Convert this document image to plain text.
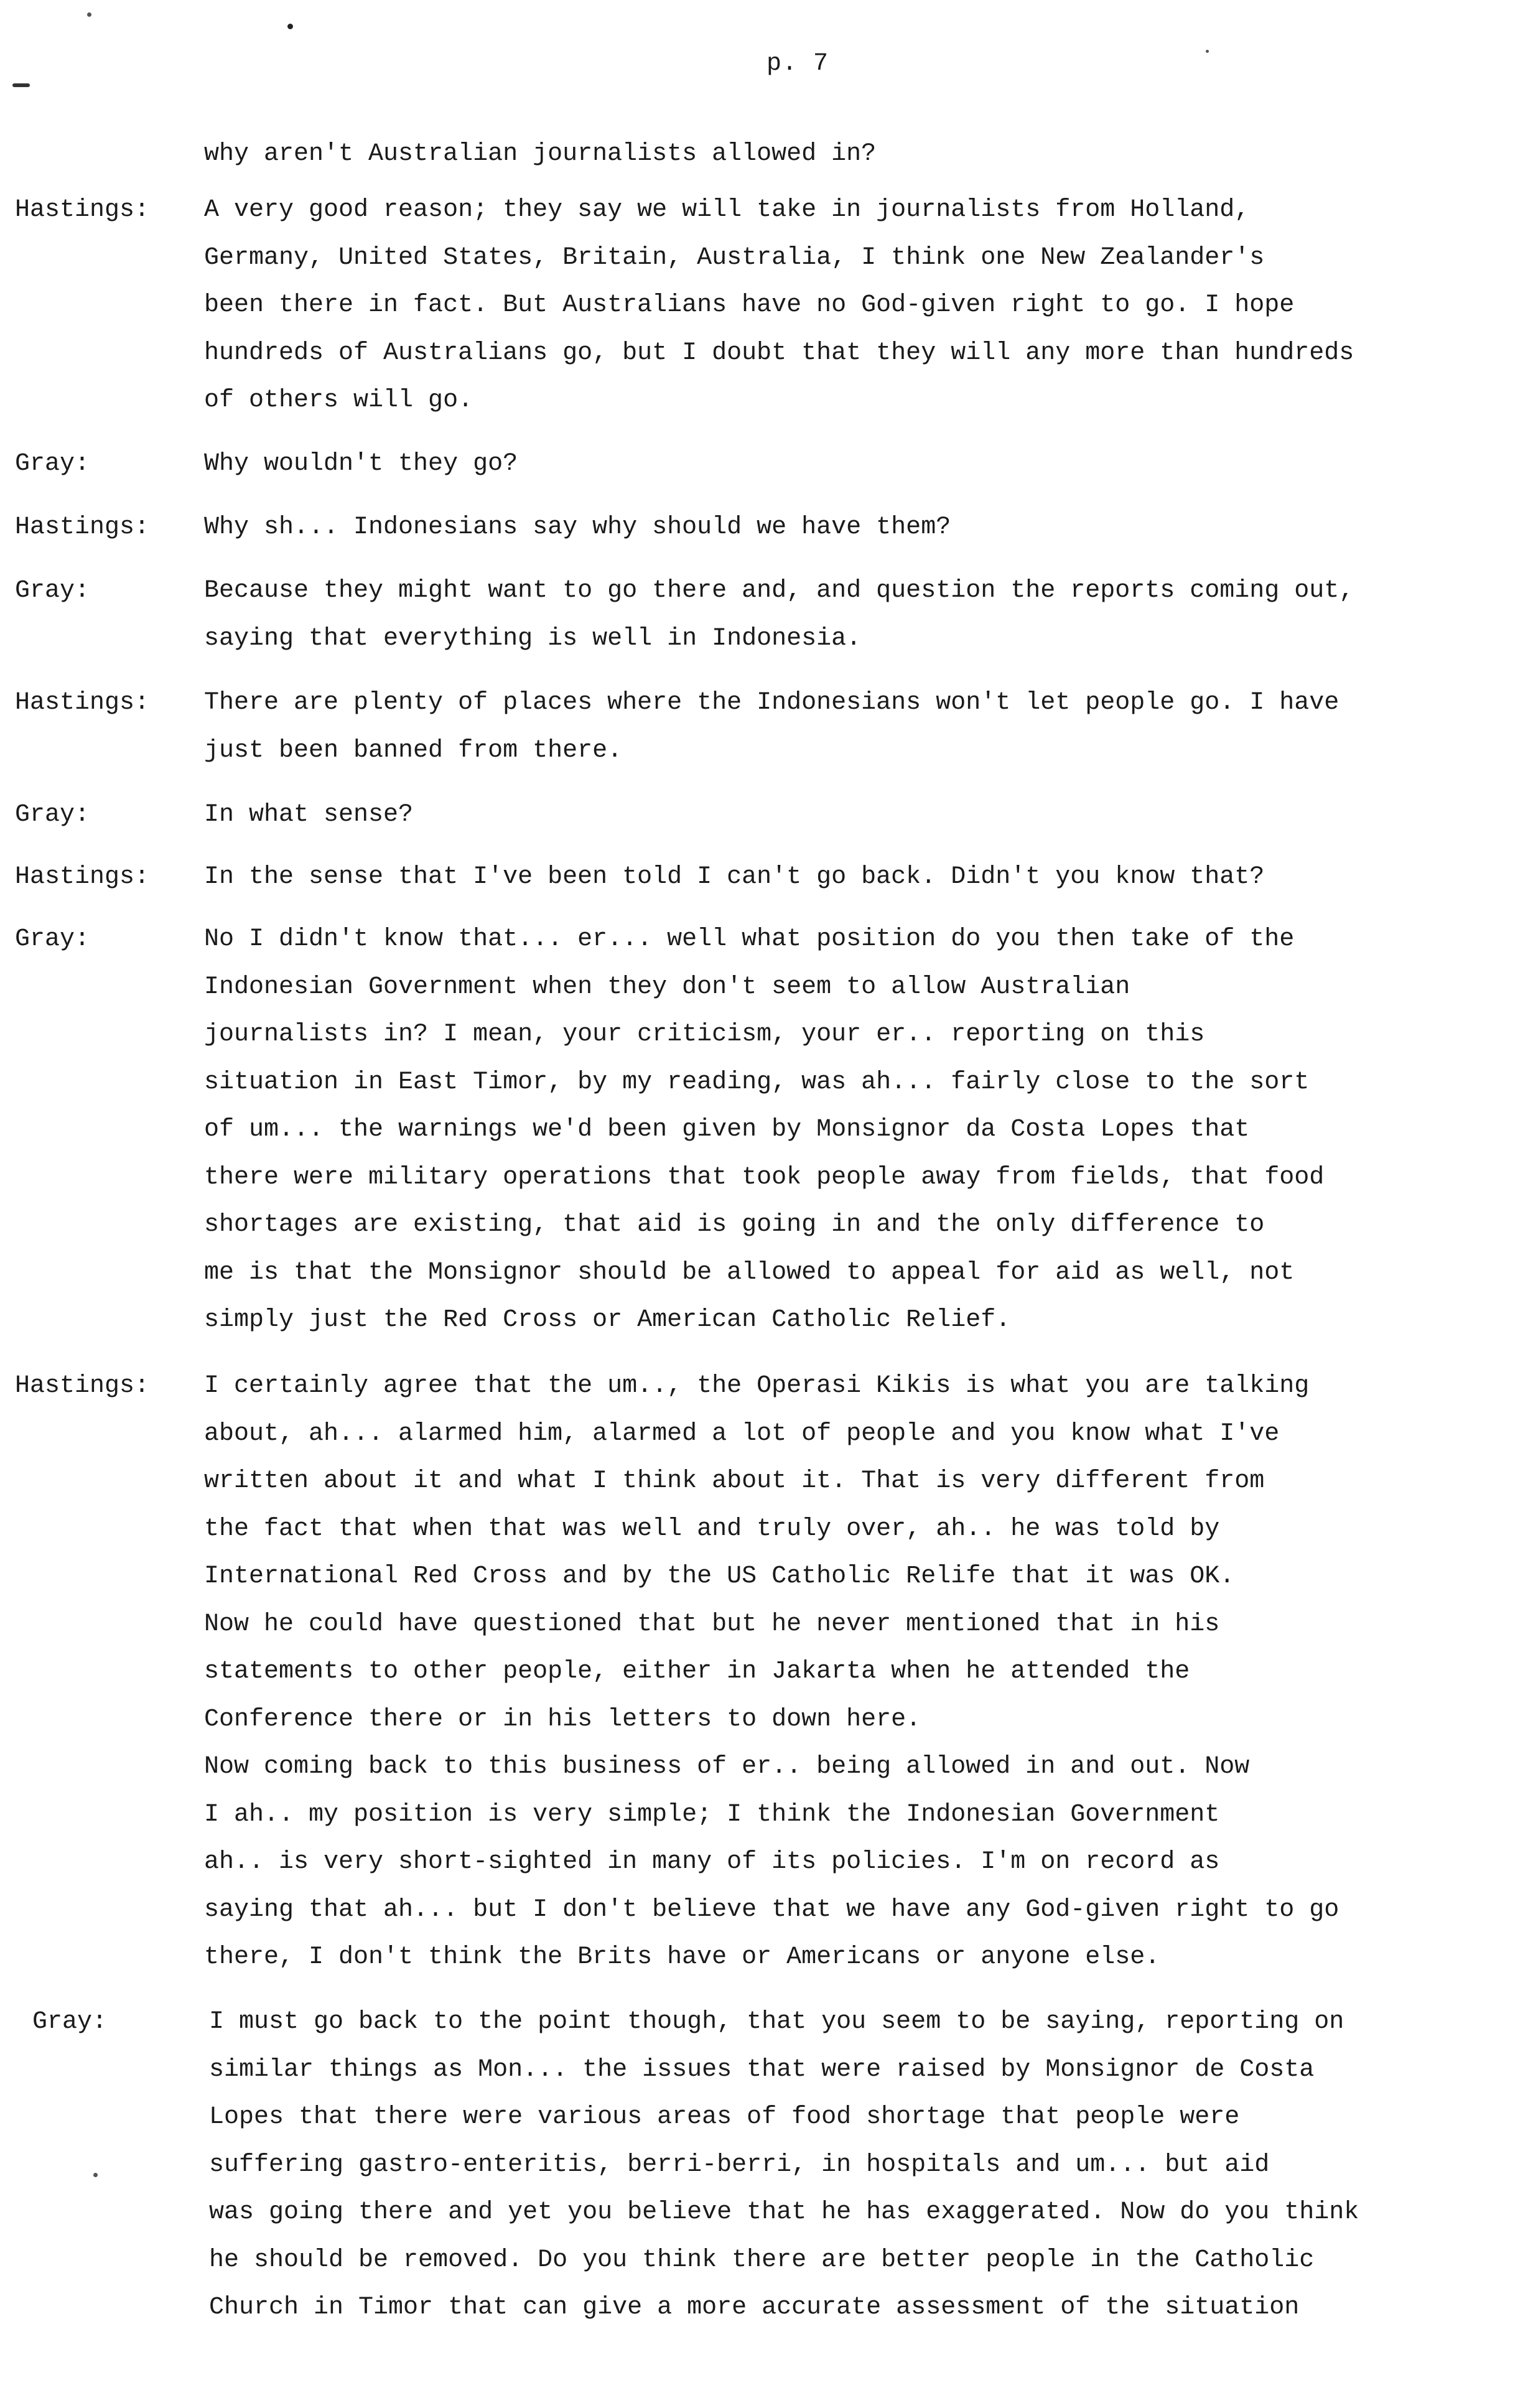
p. 7
why aren't Australian journalists allowed in?
Hastings: A very good reason; they say we will take in journalists from Holland,
Germany, United States, Britain, Australia, I think one New Zealander's
been there in fact. But Australians have no God-given right to go. I hope
hundreds of Australians go, but I doubt that they will any more than hundreds
of others will go.
Gray:	Why wouldn't they go?
Hastings: Why sh... Indonesians say why should we have them?
Gray:	Because they might want to go there and, and question the reports coming out,
saying that everything is well in Indonesia.
Hastings: There are plenty of places where the Indonesians won't let people go. I have
just been banned from there.
Gray:	In what sense?
Hastings: In the sense that I've been told I can't go back. Didn't you know that?
Gray:	No I didn't know that... er... well what position do you then take of the
Indonesian Government when they don't seem to allow Australian
journalists in? I mean, your criticism, your er.. reporting on this
situation in East Timor, by my reading, was ah... fairly close to the sort
of um... the warnings we'd been given by Monsignor da Costa Lopes that
there were military operations that took people away from fields, that food
shortages are existing, that aid is going in and the only difference to
me is that the Monsignor should be allowed to appeal for aid as well, not
simply just the Red Cross or American Catholic Relief.
Hastings: I certainly agree that the um.., the Operasi Kikis is what you are talking
about, ah... alarmed him, alarmed a lot of people and you know what I've
written about it and what I think about it. That is very different from
the fact that when that was well and truly over, ah.. he was told by
International Red Cross and by the US Catholic Relife that it was OK.
Now he could have questioned that but he never mentioned that in his
statements to other people, either in Jakarta when he attended the
Conference there or in his letters to down here.
Now coming back to this business of er.. being allowed in and out. Now
I ah.. my position is very simple; I think the Indonesian Government
ah.. is very short-sighted in many of its policies. I'm on record as
saying that ah... but I don't believe that we have any God-given right to go
there, I don't think the Brits have or Americans or anyone else.
Gray:	I must go back to the point though, that you seem to be saying, reporting on
similar things as Mon... the issues that were raised by Monsignor de Costa
Lopes that there were various areas of food shortage that people were
suffering gastro-enteritis, berri-berri, in hospitals and um... but aid
was going there and yet you believe that he has exaggerated. Now do you think
he should be removed. Do you think there are better people in the Catholic
Church in Timor that can give a more accurate assessment of the situation
